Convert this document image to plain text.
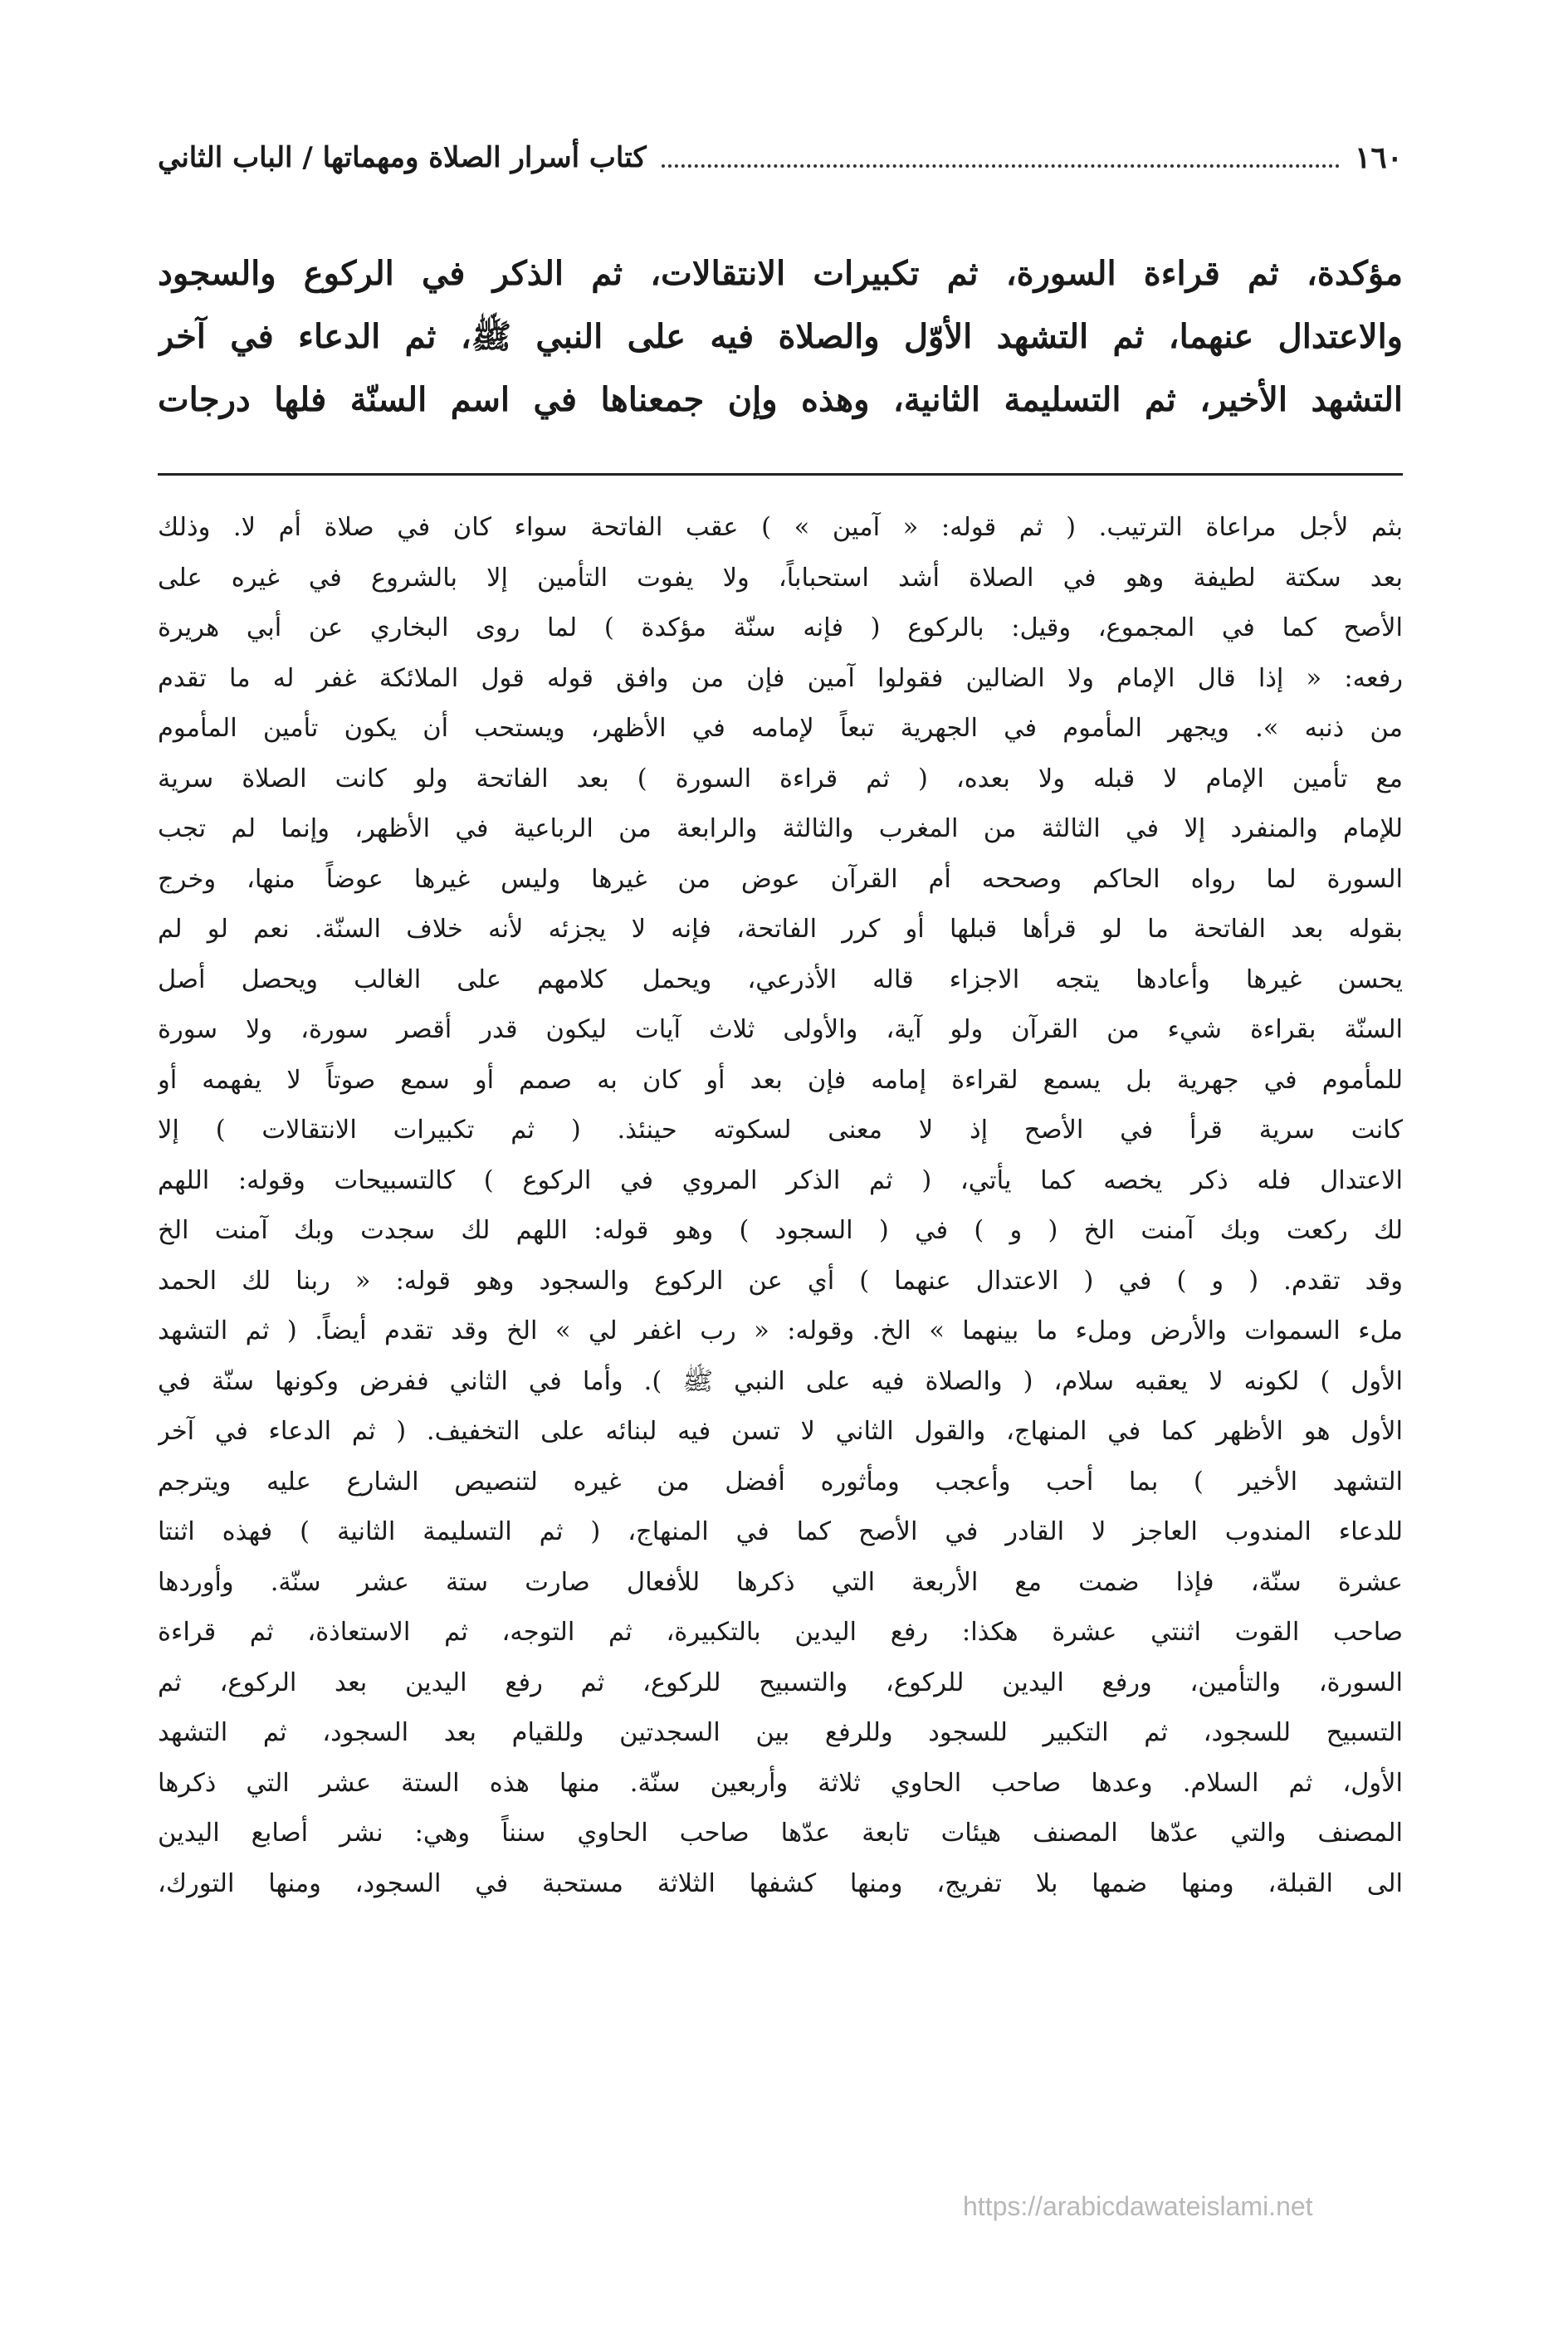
١٦٠
كتاب أسرار الصلاة ومهماتها / الباب الثاني
مؤكدة، ثم قراءة السورة، ثم تكبيرات الانتقالات، ثم الذكر في الركوع والسجود
والاعتدال عنهما، ثم التشهد الأوّل والصلاة فيه على النبي ﷺ، ثم الدعاء في آخر
التشهد الأخير، ثم التسليمة الثانية، وهذه وإن جمعناها في اسم السنّة فلها درجات
بثم لأجل مراعاة الترتيب. ( ثم قوله: « آمين » ) عقب الفاتحة سواء كان في صلاة أم لا. وذلك
بعد سكتة لطيفة وهو في الصلاة أشد استحباباً، ولا يفوت التأمين إلا بالشروع في غيره على
الأصح كما في المجموع، وقيل: بالركوع ( فإنه سنّة مؤكدة ) لما روى البخاري عن أبي هريرة
رفعه: « إذا قال الإمام ولا الضالين فقولوا آمين فإن من وافق قوله قول الملائكة غفر له ما تقدم
من ذنبه ». ويجهر المأموم في الجهرية تبعاً لإمامه في الأظهر، ويستحب أن يكون تأمين المأموم
مع تأمين الإمام لا قبله ولا بعده، ( ثم قراءة السورة ) بعد الفاتحة ولو كانت الصلاة سرية
للإمام والمنفرد إلا في الثالثة من المغرب والثالثة والرابعة من الرباعية في الأظهر، وإنما لم تجب
السورة لما رواه الحاكم وصححه أم القرآن عوض من غيرها وليس غيرها عوضاً منها، وخرج
بقوله بعد الفاتحة ما لو قرأها قبلها أو كرر الفاتحة، فإنه لا يجزئه لأنه خلاف السنّة. نعم لو لم
يحسن غيرها وأعادها يتجه الاجزاء قاله الأذرعي، ويحمل كلامهم على الغالب ويحصل أصل
السنّة بقراءة شيء من القرآن ولو آية، والأولى ثلاث آيات ليكون قدر أقصر سورة، ولا سورة
للمأموم في جهرية بل يسمع لقراءة إمامه فإن بعد أو كان به صمم أو سمع صوتاً لا يفهمه أو
كانت سرية قرأ في الأصح إذ لا معنى لسكوته حينئذ. ( ثم تكبيرات الانتقالات ) إلا
الاعتدال فله ذكر يخصه كما يأتي، ( ثم الذكر المروي في الركوع ) كالتسبيحات وقوله: اللهم
لك ركعت وبك آمنت الخ ( و ) في ( السجود ) وهو قوله: اللهم لك سجدت وبك آمنت الخ
وقد تقدم. ( و ) في ( الاعتدال عنهما ) أي عن الركوع والسجود وهو قوله: « ربنا لك الحمد
ملء السموات والأرض وملء ما بينهما » الخ. وقوله: « رب اغفر لي » الخ وقد تقدم أيضاً. ( ثم التشهد
الأول ) لكونه لا يعقبه سلام، ( والصلاة فيه على النبي ﷺ ). وأما في الثاني ففرض وكونها سنّة في
الأول هو الأظهر كما في المنهاج، والقول الثاني لا تسن فيه لبنائه على التخفيف. ( ثم الدعاء في آخر
التشهد الأخير ) بما أحب وأعجب ومأثوره أفضل من غيره لتنصيص الشارع عليه ويترجم
للدعاء المندوب العاجز لا القادر في الأصح كما في المنهاج، ( ثم التسليمة الثانية ) فهذه اثنتا
عشرة سنّة، فإذا ضمت مع الأربعة التي ذكرها للأفعال صارت ستة عشر سنّة. وأوردها
صاحب القوت اثنتي عشرة هكذا: رفع اليدين بالتكبيرة، ثم التوجه، ثم الاستعاذة، ثم قراءة
السورة، والتأمين، ورفع اليدين للركوع، والتسبيح للركوع، ثم رفع اليدين بعد الركوع، ثم
التسبيح للسجود، ثم التكبير للسجود وللرفع بين السجدتين وللقيام بعد السجود، ثم التشهد
الأول، ثم السلام. وعدها صاحب الحاوي ثلاثة وأربعين سنّة. منها هذه الستة عشر التي ذكرها
المصنف والتي عدّها المصنف هيئات تابعة عدّها صاحب الحاوي سنناً وهي: نشر أصابع اليدين
الى القبلة، ومنها ضمها بلا تفريج، ومنها كشفها الثلاثة مستحبة في السجود، ومنها التورك،
https://arabicdawateislami.net
